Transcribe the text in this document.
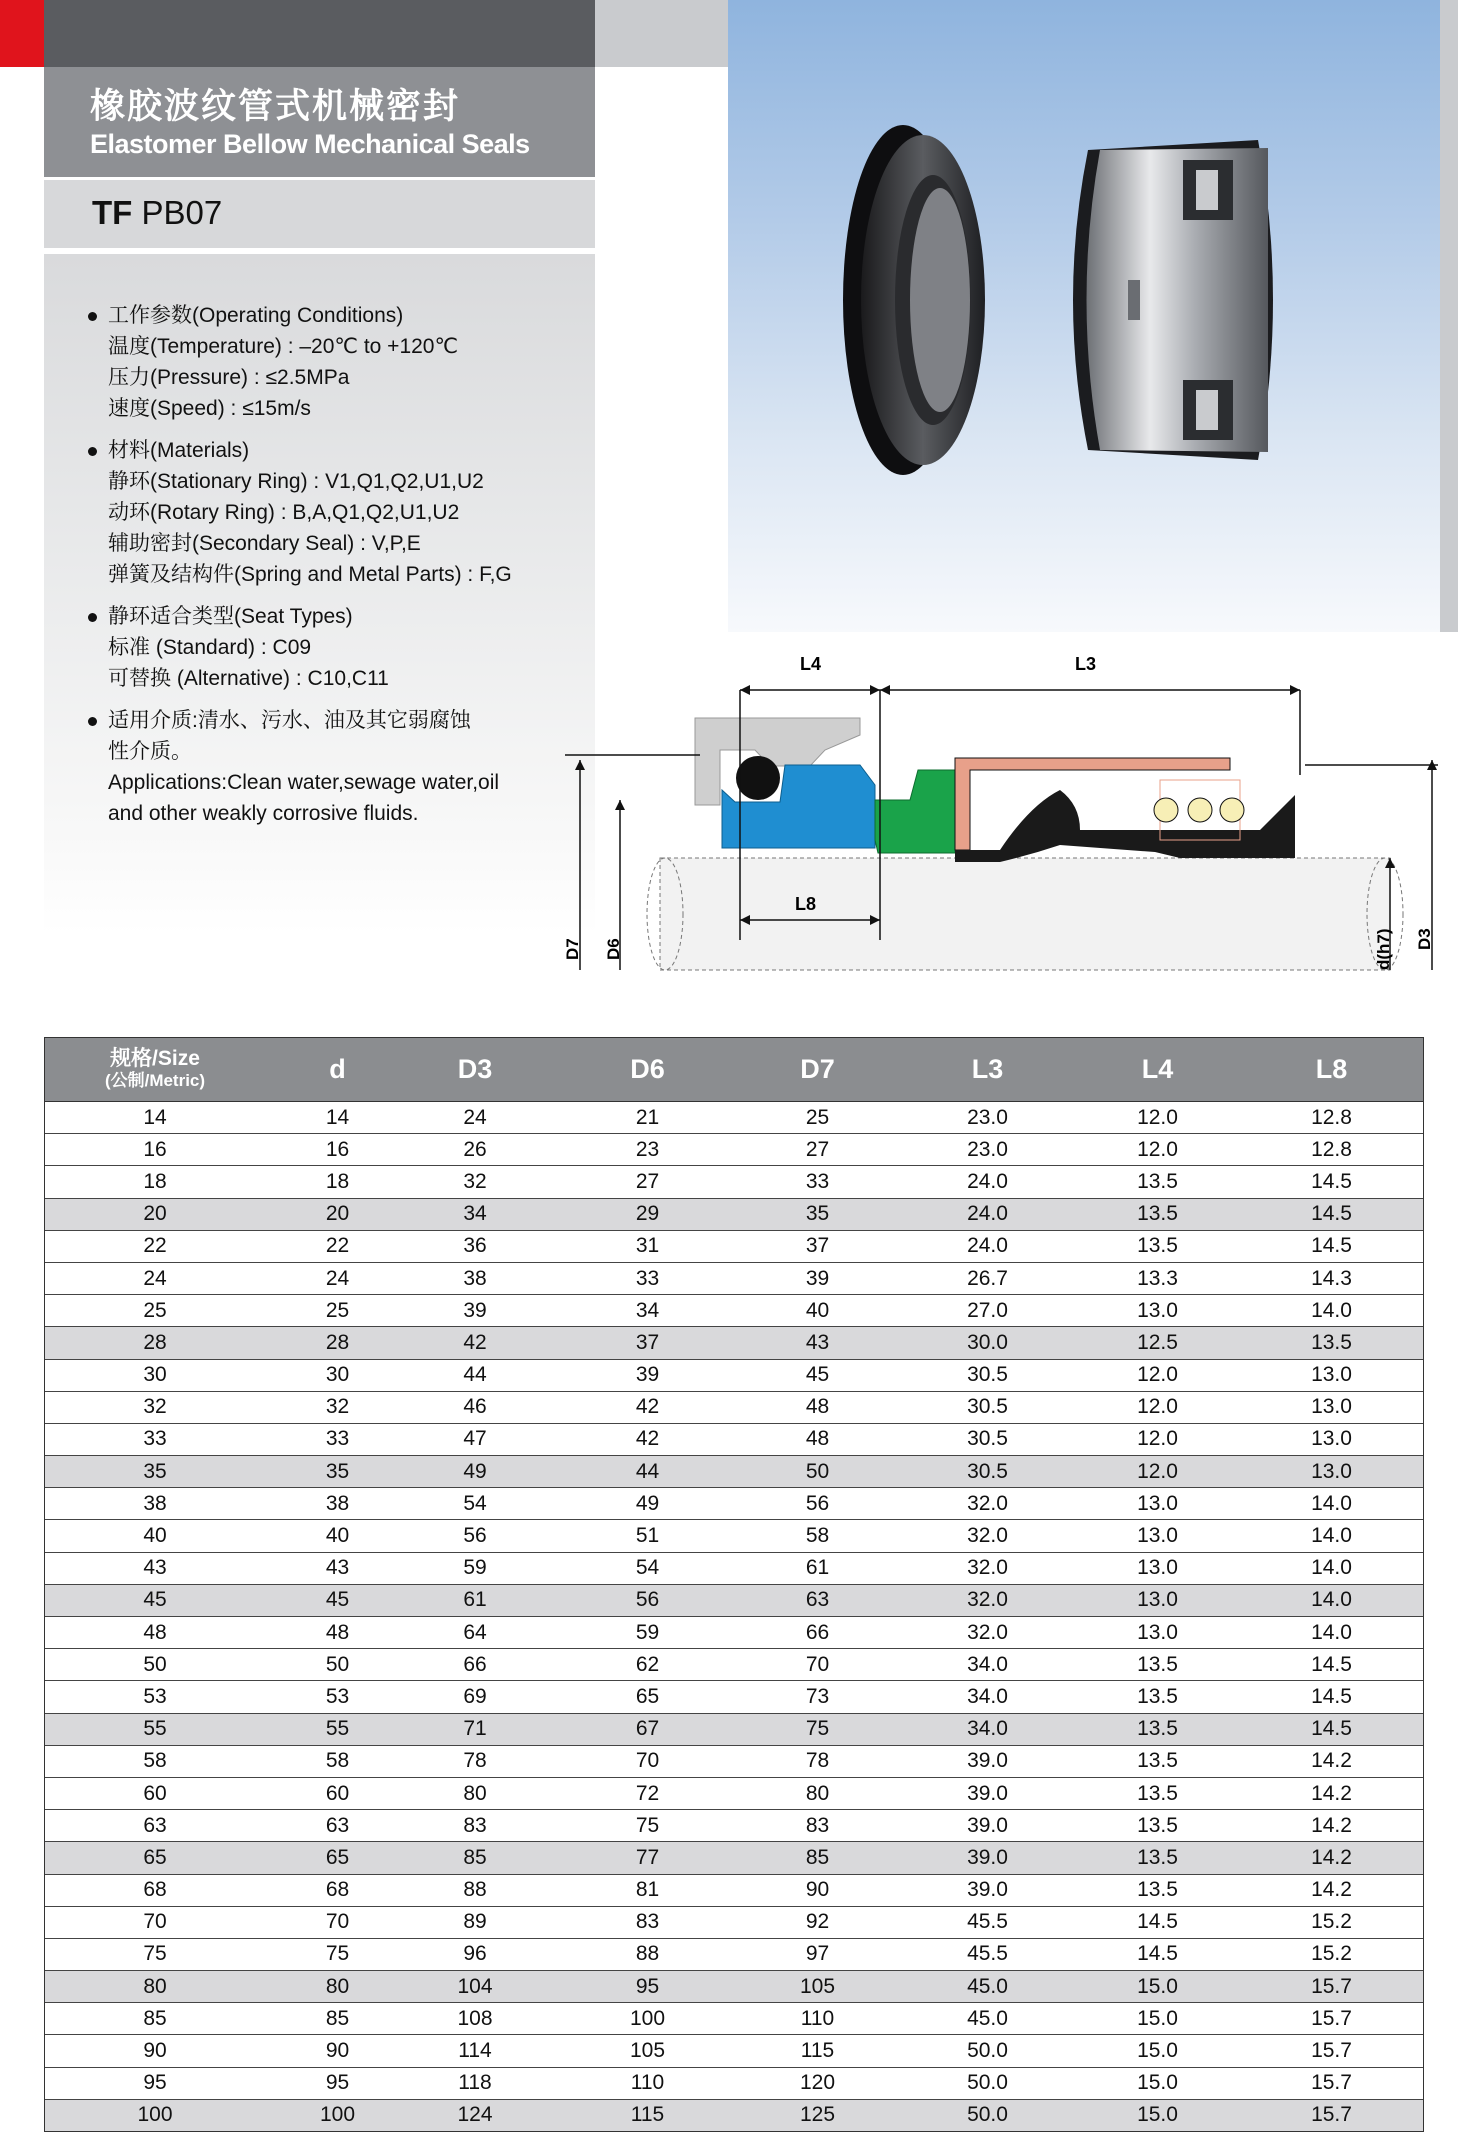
橡胶波纹管式机械密封
Elastomer Bellow Mechanical Seals
TF PB07
工作参数(Operating Conditions)
温度(Temperature) : –20℃ to +120℃
压力(Pressure) : ≤2.5MPa
速度(Speed) : ≤15m/s
材料(Materials)
静环(Stationary Ring) : V1,Q1,Q2,U1,U2
动环(Rotary Ring) : B,A,Q1,Q2,U1,U2
辅助密封(Secondary Seal) : V,P,E
弹簧及结构件(Spring and Metal Parts) : F,G
静环适合类型(Seat Types)
标准 (Standard) : C09
可替换 (Alternative) : C10,C11
适用介质:清水、污水、油及其它弱腐蚀
性介质。
Applications:Clean water,sewage water,oil
and other weakly corrosive fluids.
L4	L3
L8
D7 D6	d(h7) D3
规格/Size
(公制/Metric)	d	D3	D6	D7	L3	L4	L8
14	14	24	21	25	23.0	12.0	12.8
16	16	26	23	27	23.0	12.0	12.8
18	18	32	27	33	24.0	13.5	14.5
20	20	34	29	35	24.0	13.5	14.5
22	22	36	31	37	24.0	13.5	14.5
24	24	38	33	39	26.7	13.3	14.3
25	25	39	34	40	27.0	13.0	14.0
28	28	42	37	43	30.0	12.5	13.5
30	30	44	39	45	30.5	12.0	13.0
32	32	46	42	48	30.5	12.0	13.0
33	33	47	42	48	30.5	12.0	13.0
35	35	49	44	50	30.5	12.0	13.0
38	38	54	49	56	32.0	13.0	14.0
40	40	56	51	58	32.0	13.0	14.0
43	43	59	54	61	32.0	13.0	14.0
45	45	61	56	63	32.0	13.0	14.0
48	48	64	59	66	32.0	13.0	14.0
50	50	66	62	70	34.0	13.5	14.5
53	53	69	65	73	34.0	13.5	14.5
55	55	71	67	75	34.0	13.5	14.5
58	58	78	70	78	39.0	13.5	14.2
60	60	80	72	80	39.0	13.5	14.2
63	63	83	75	83	39.0	13.5	14.2
65	65	85	77	85	39.0	13.5	14.2
68	68	88	81	90	39.0	13.5	14.2
70	70	89	83	92	45.5	14.5	15.2
75	75	96	88	97	45.5	14.5	15.2
80	80	104	95	105	45.0	15.0	15.7
85	85	108	100	110	45.0	15.0	15.7
90	90	114	105	115	50.0	15.0	15.7
95	95	118	110	120	50.0	15.0	15.7
100	100	124	115	125	50.0	15.0	15.7
